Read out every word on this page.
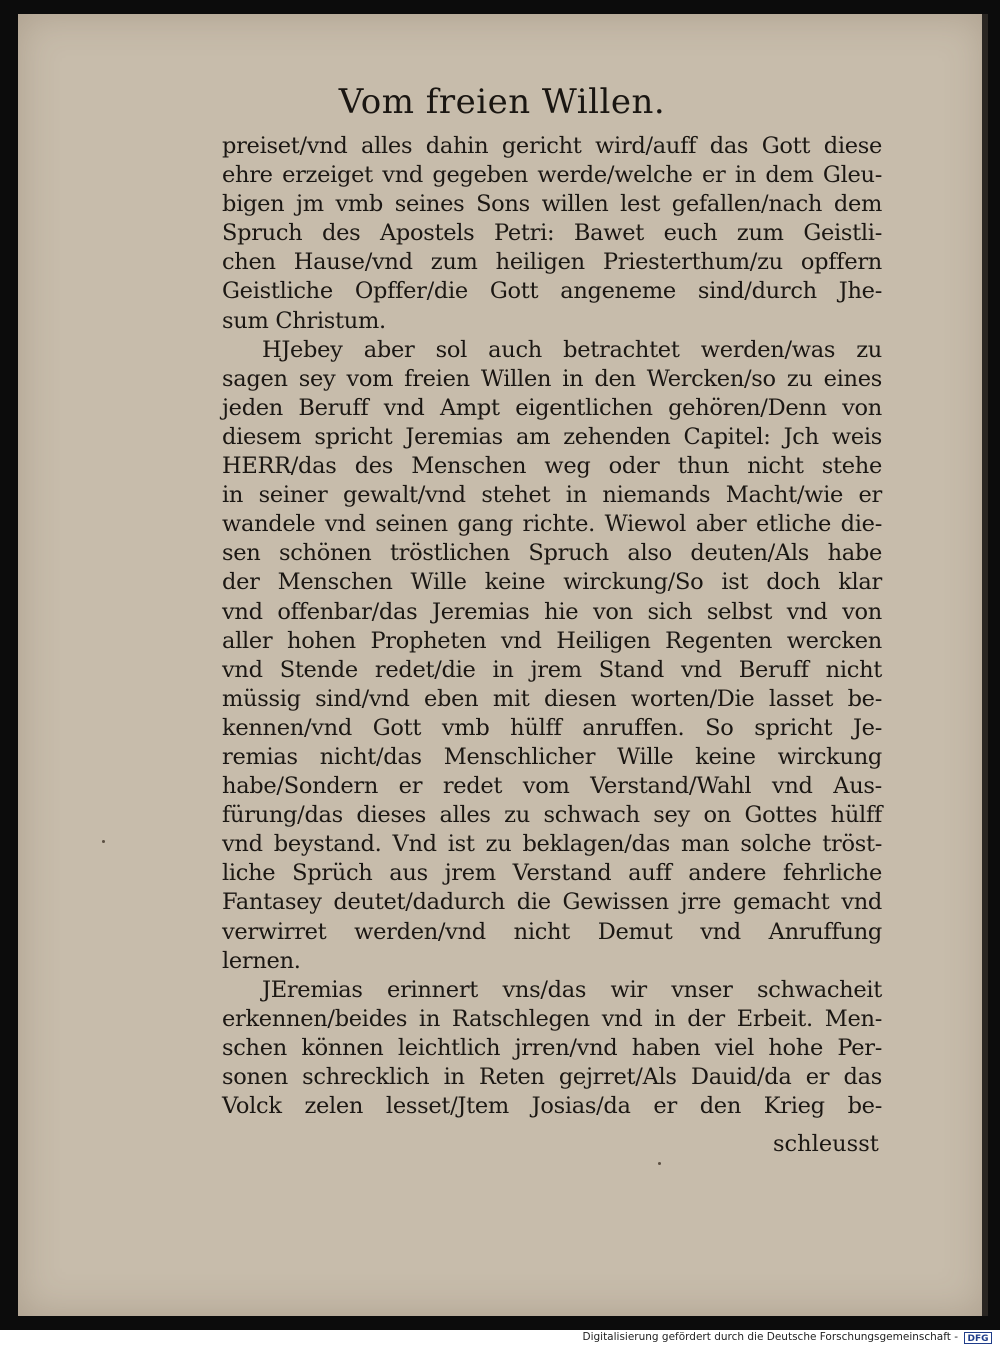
Vom freien Willen.
preiset/vnd alles dahin gericht wird/auff das Gott diese
ehre erzeiget vnd gegeben werde/welche er in dem Gleu-
bigen jm vmb seines Sons willen lest gefallen/nach dem
Spruch des Apostels Petri: Bawet euch zum Geistli-
chen Hause/vnd zum heiligen Priesterthum/zu opffern
Geistliche Opffer/die Gott angeneme sind/durch Jhe-
sum Christum.
HJebey aber sol auch betrachtet werden/was zu
sagen sey vom freien Willen in den Wercken/so zu eines
jeden Beruff vnd Ampt eigentlichen gehören/Denn von
diesem spricht Jeremias am zehenden Capitel: Jch weis
HERR/das des Menschen weg oder thun nicht stehe
in seiner gewalt/vnd stehet in niemands Macht/wie er
wandele vnd seinen gang richte. Wiewol aber etliche die-
sen schönen tröstlichen Spruch also deuten/Als habe
der Menschen Wille keine wirckung/So ist doch klar
vnd offenbar/das Jeremias hie von sich selbst vnd von
aller hohen Propheten vnd Heiligen Regenten wercken
vnd Stende redet/die in jrem Stand vnd Beruff nicht
müssig sind/vnd eben mit diesen worten/Die lasset be-
kennen/vnd Gott vmb hülff anruffen. So spricht Je-
remias nicht/das Menschlicher Wille keine wirckung
habe/Sondern er redet vom Verstand/Wahl vnd Aus-
fürung/das dieses alles zu schwach sey on Gottes hülff
vnd beystand. Vnd ist zu beklagen/das man solche tröst-
liche Sprüch aus jrem Verstand auff andere fehrliche
Fantasey deutet/dadurch die Gewissen jrre gemacht vnd
verwirret werden/vnd nicht Demut vnd Anruffung
lernen.
JEremias erinnert vns/das wir vnser schwacheit
erkennen/beides in Ratschlegen vnd in der Erbeit. Men-
schen können leichtlich jrren/vnd haben viel hohe Per-
sonen schrecklich in Reten gejrret/Als Dauid/da er das
Volck zelen lesset/Jtem Josias/da er den Krieg be-
schleusst
Digitalisierung gefördert durch die Deutsche Forschungsgemeinschaft -	DFG
